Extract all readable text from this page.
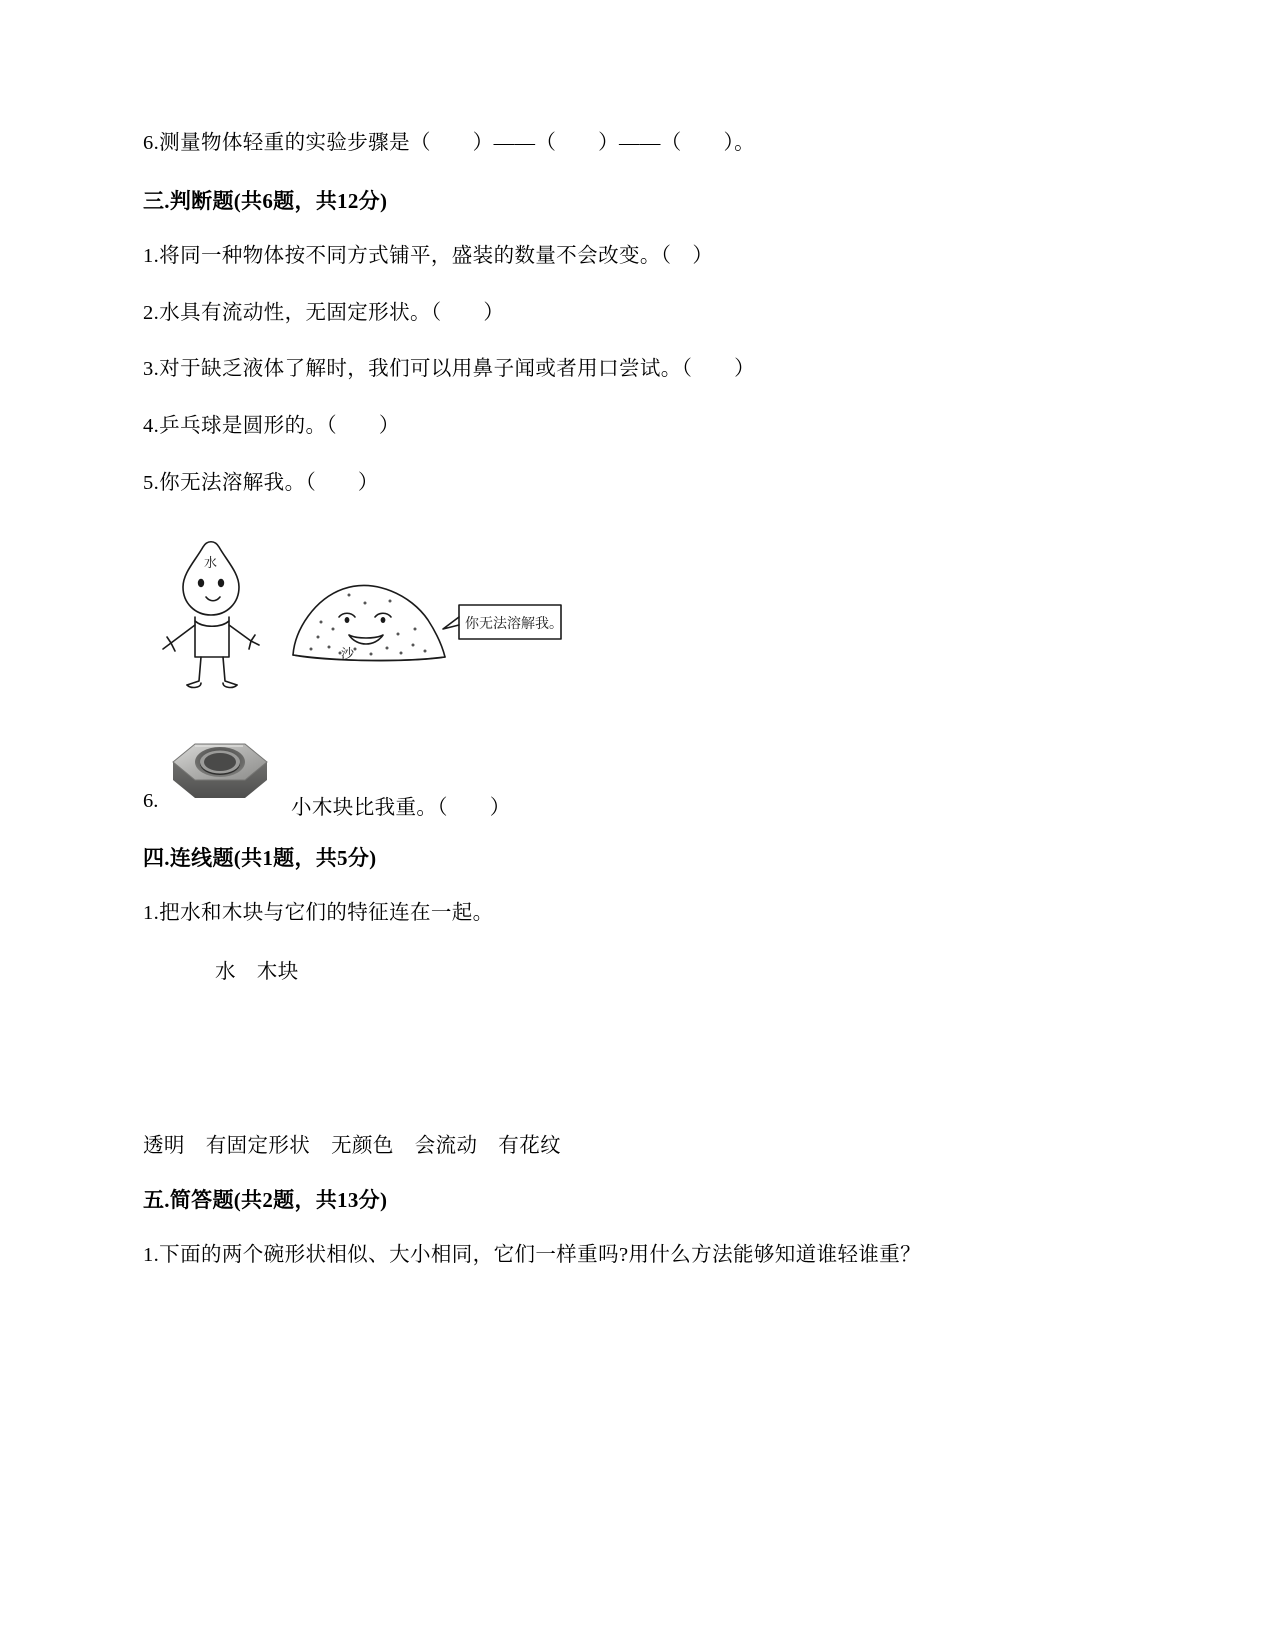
6.测量物体轻重的实验步骤是（　　）——（　　）——（　　）。

三.判断题(共6题，共12分)

1.将同一种物体按不同方式铺平，盛装的数量不会改变。（　）

2.水具有流动性，无固定形状。（　　）

3.对于缺乏液体了解时，我们可以用鼻子闻或者用口尝试。（　　）

4.乒乓球是圆形的。（　　）

5.你无法溶解我。（　　）

水
沙
你无法溶解我。
6.	小木块比我重。（　　）

四.连线题(共1题，共5分)

1.把水和木块与它们的特征连在一起。

水　木块

透明　有固定形状　无颜色　会流动　有花纹

五.简答题(共2题，共13分)

1.下面的两个碗形状相似、大小相同，它们一样重吗?用什么方法能够知道谁轻谁重？
